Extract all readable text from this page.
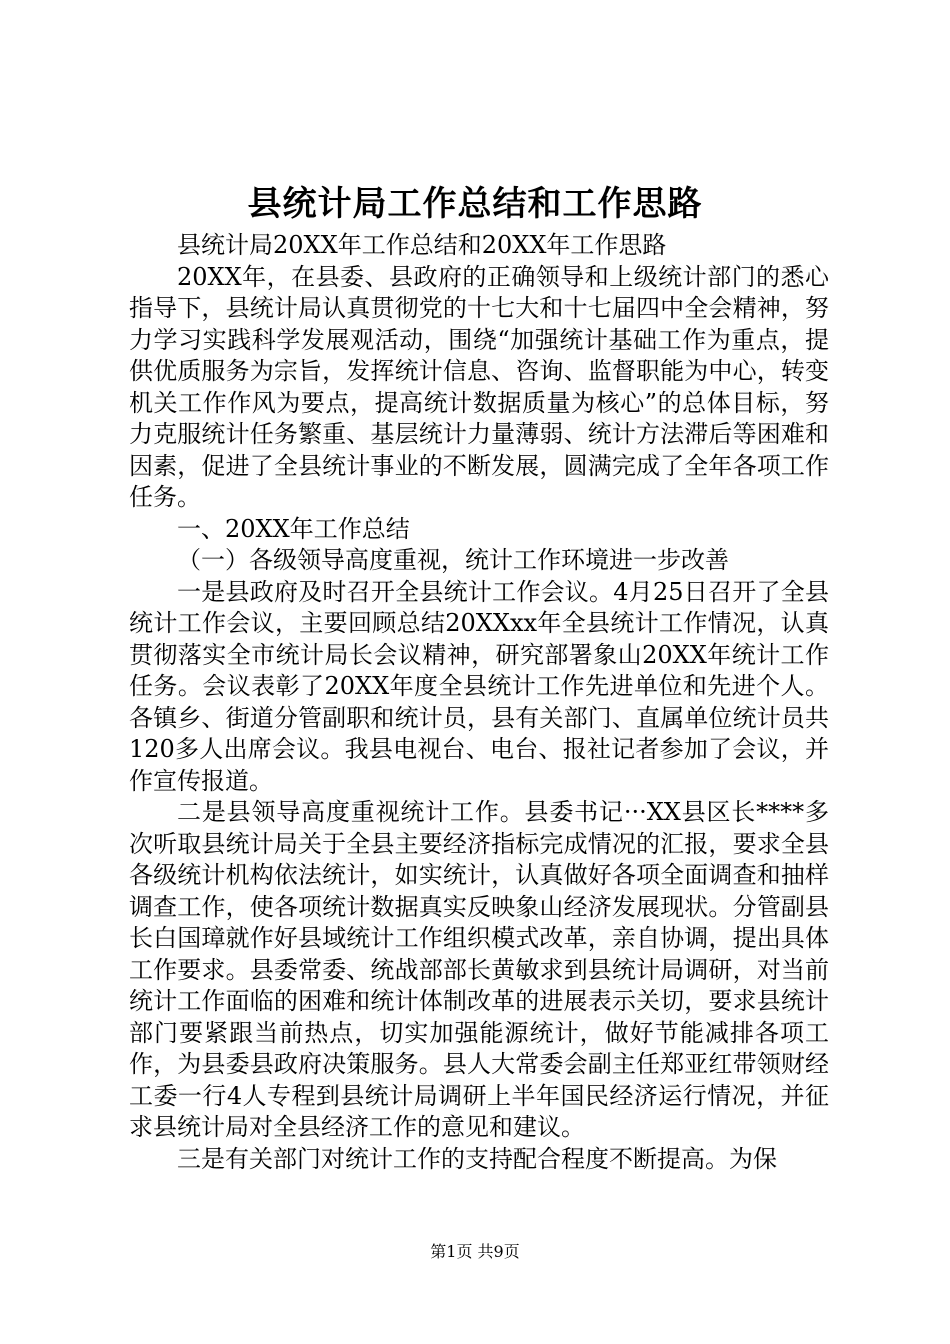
县统计局工作总结和工作思路

县统计局20XX年工作总结和20XX年工作思路

20XX年，在县委、县政府的正确领导和上级统计部门的悉心指导下，县统计局认真贯彻党的十七大和十七届四中全会精神，努力学习实践科学发展观活动，围绕“加强统计基础工作为重点，提供优质服务为宗旨，发挥统计信息、咨询、监督职能为中心，转变机关工作作风为要点，提高统计数据质量为核心”的总体目标，努力克服统计任务繁重、基层统计力量薄弱、统计方法滞后等困难和因素，促进了全县统计事业的不断发展，圆满完成了全年各项工作任务。

一、20XX年工作总结

（一）各级领导高度重视，统计工作环境进一步改善

一是县政府及时召开全县统计工作会议。4月25日召开了全县统计工作会议，主要回顾总结20XXxx年全县统计工作情况，认真贯彻落实全市统计局长会议精神，研究部署象山20XX年统计工作任务。会议表彰了20XX年度全县统计工作先进单位和先进个人。各镇乡、街道分管副职和统计员，县有关部门、直属单位统计员共120多人出席会议。我县电视台、电台、报社记者参加了会议，并作宣传报道。

二是县领导高度重视统计工作。县委书记···XX县区长****多次听取县统计局关于全县主要经济指标完成情况的汇报，要求全县各级统计机构依法统计，如实统计，认真做好各项全面调查和抽样调查工作，使各项统计数据真实反映象山经济发展现状。分管副县长白国璋就作好县域统计工作组织模式改革，亲自协调，提出具体工作要求。县委常委、统战部部长黄敏求到县统计局调研，对当前统计工作面临的困难和统计体制改革的进展表示关切，要求县统计部门要紧跟当前热点，切实加强能源统计，做好节能减排各项工作，为县委县政府决策服务。县人大常委会副主任郑亚红带领财经工委一行4人专程到县统计局调研上半年国民经济运行情况，并征求县统计局对全县经济工作的意见和建议。

三是有关部门对统计工作的支持配合程度不断提高。为保

第1页 共9页
